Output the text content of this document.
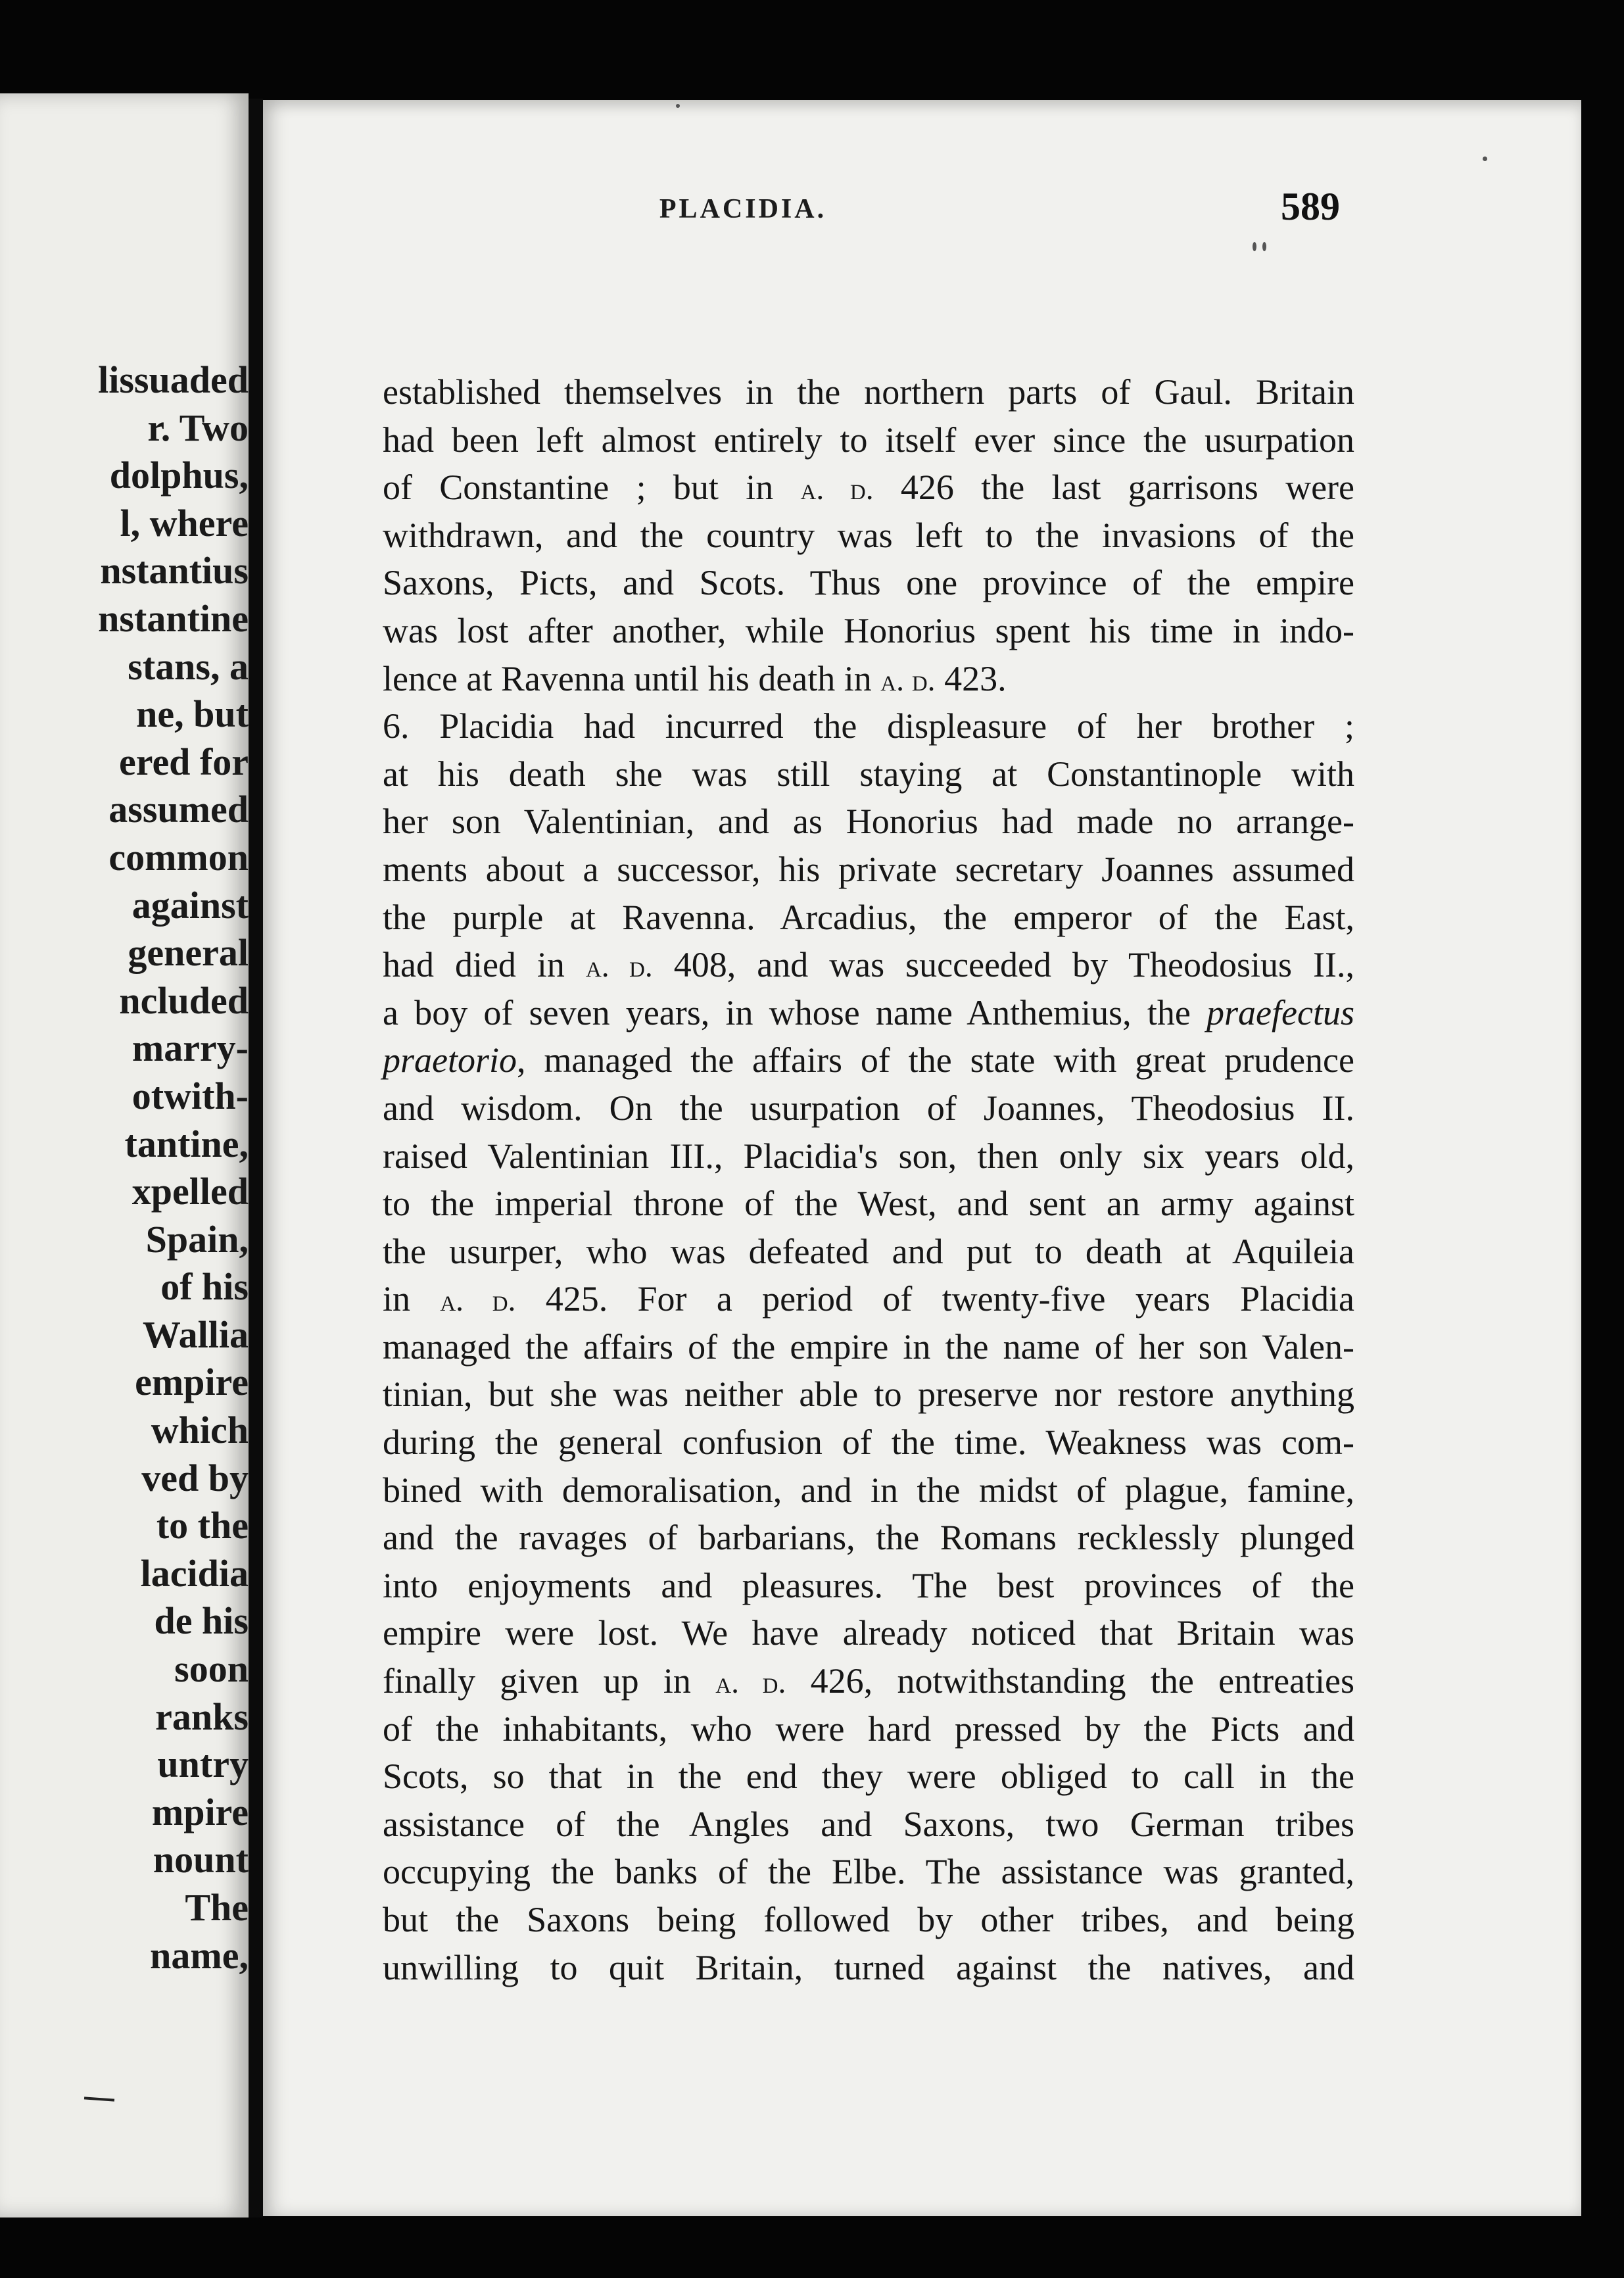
lissuaded
r. Two
dolphus,
l, where
nstantius
nstantine
stans, a
ne, but
ered for
assumed
common
against
general
ncluded
marry-
otwith-
tantine,
xpelled
Spain,
of his
Wallia
empire
which
ved by
to the
lacidia
de his
soon
ranks
untry
mpire
nount
The
name,
PLACIDIA.	589
established themselves in the northern parts of Gaul. Britain
had been left almost entirely to itself ever since the usurpation
of Constantine ; but in a. d. 426 the last garrisons were
withdrawn, and the country was left to the invasions of the
Saxons, Picts, and Scots. Thus one province of the empire
was lost after another, while Honorius spent his time in indo-
lence at Ravenna until his death in a. d. 423.
6. Placidia had incurred the displeasure of her brother ;
at his death she was still staying at Constantinople with
her son Valentinian, and as Honorius had made no arrange-
ments about a successor, his private secretary Joannes assumed
the purple at Ravenna. Arcadius, the emperor of the East,
had died in a. d. 408, and was succeeded by Theodosius II.,
a boy of seven years, in whose name Anthemius, the praefectus
praetorio, managed the affairs of the state with great prudence
and wisdom. On the usurpation of Joannes, Theodosius II.
raised Valentinian III., Placidia's son, then only six years old,
to the imperial throne of the West, and sent an army against
the usurper, who was defeated and put to death at Aquileia
in a. d. 425. For a period of twenty-five years Placidia
managed the affairs of the empire in the name of her son Valen-
tinian, but she was neither able to preserve nor restore anything
during the general confusion of the time. Weakness was com-
bined with demoralisation, and in the midst of plague, famine,
and the ravages of barbarians, the Romans recklessly plunged
into enjoyments and pleasures. The best provinces of the
empire were lost. We have already noticed that Britain was
finally given up in a. d. 426, notwithstanding the entreaties
of the inhabitants, who were hard pressed by the Picts and
Scots, so that in the end they were obliged to call in the
assistance of the Angles and Saxons, two German tribes
occupying the banks of the Elbe. The assistance was granted,
but the Saxons being followed by other tribes, and being
unwilling to quit Britain, turned against the natives, and
